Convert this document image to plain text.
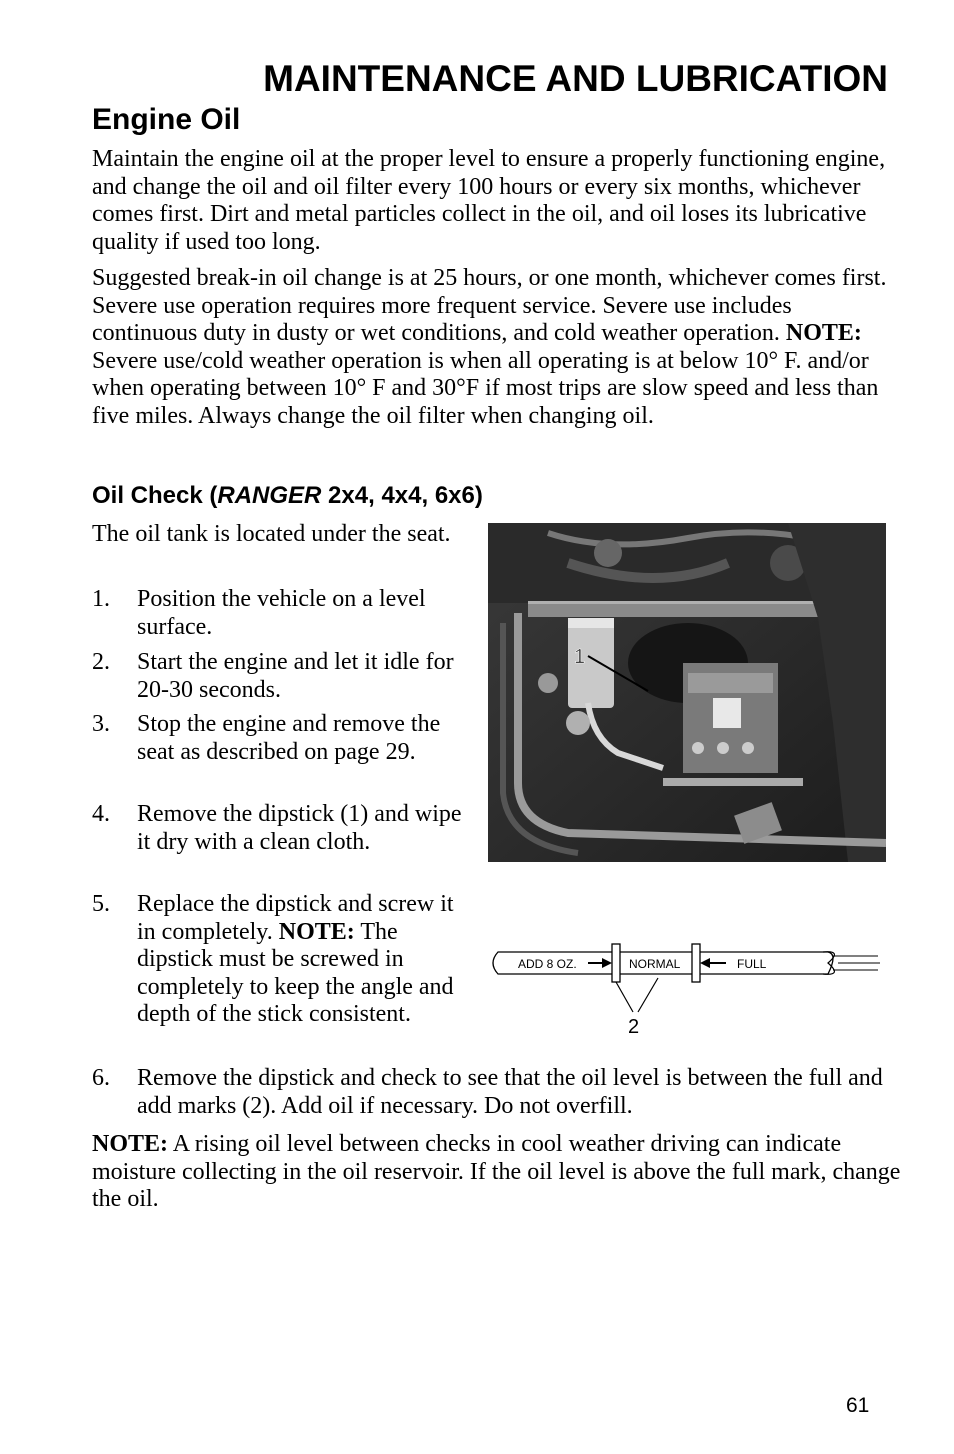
MAINTENANCE AND LUBRICATION
Engine Oil

Maintain the engine oil at the proper level to ensure a properly functioning engine, and change the oil and oil filter every 100 hours or every six months, whichever comes first. Dirt and metal particles collect in the oil, and oil loses its lubricative quality if used too long.

Suggested break-in oil change is at 25 hours, or one month, whichever comes first. Severe use operation requires more frequent service. Severe use includes continuous duty in dusty or wet conditions, and cold weather operation. NOTE: Severe use/cold weather operation is when all operating is at below 10° F. and/or when operating between 10° F and 30°F if most trips are slow speed and less than five miles. Always change the oil filter when changing oil.

Oil Check (RANGER 2x4, 4x4, 6x6)

The oil tank is located under the seat.

1. Position the vehicle on a level surface.
2. Start the engine and let it idle for 20-30 seconds.
3. Stop the engine and remove the seat as described on page 29.
4. Remove the dipstick (1) and wipe it dry with a clean cloth.
5. Replace the dipstick and screw it in completely. NOTE: The dipstick must be screwed in completely to keep the angle and depth of the stick consistent.
6. Remove the dipstick and check to see that the oil level is between the full and add marks (2). Add oil if necessary. Do not overfill.

NOTE: A rising oil level between checks in cool weather driving can indicate moisture collecting in the oil reservoir. If the oil level is above the full mark, change the oil.

1
ADD 8 OZ.	NORMAL	FULL
2

61
